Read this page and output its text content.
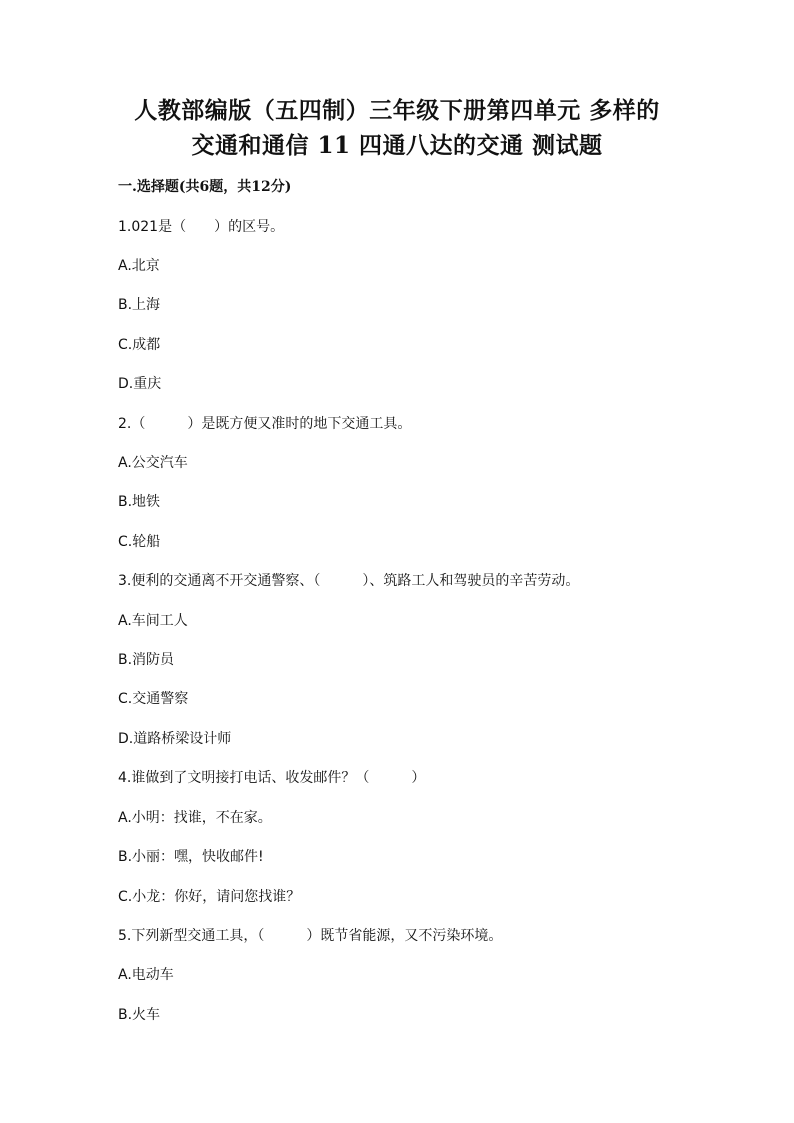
人教部编版（五四制）三年级下册第四单元 多样的
交通和通信 11 四通八达的交通 测试题
一.选择题(共6题，共12分)
1.021是（　　）的区号。
A.北京
B.上海
C.成都
D.重庆
2.（　　　）是既方便又准时的地下交通工具。
A.公交汽车
B.地铁
C.轮船
3.便利的交通离不开交通警察、（　　　）、筑路工人和驾驶员的辛苦劳动。
A.车间工人
B.消防员
C.交通警察
D.道路桥梁设计师
4.谁做到了文明接打电话、收发邮件？（　　　）
A.小明：找谁，不在家。
B.小丽：嘿，快收邮件!
C.小龙：你好，请问您找谁？
5.下列新型交通工具，（　　　）既节省能源，又不污染环境。
A.电动车
B.火车
